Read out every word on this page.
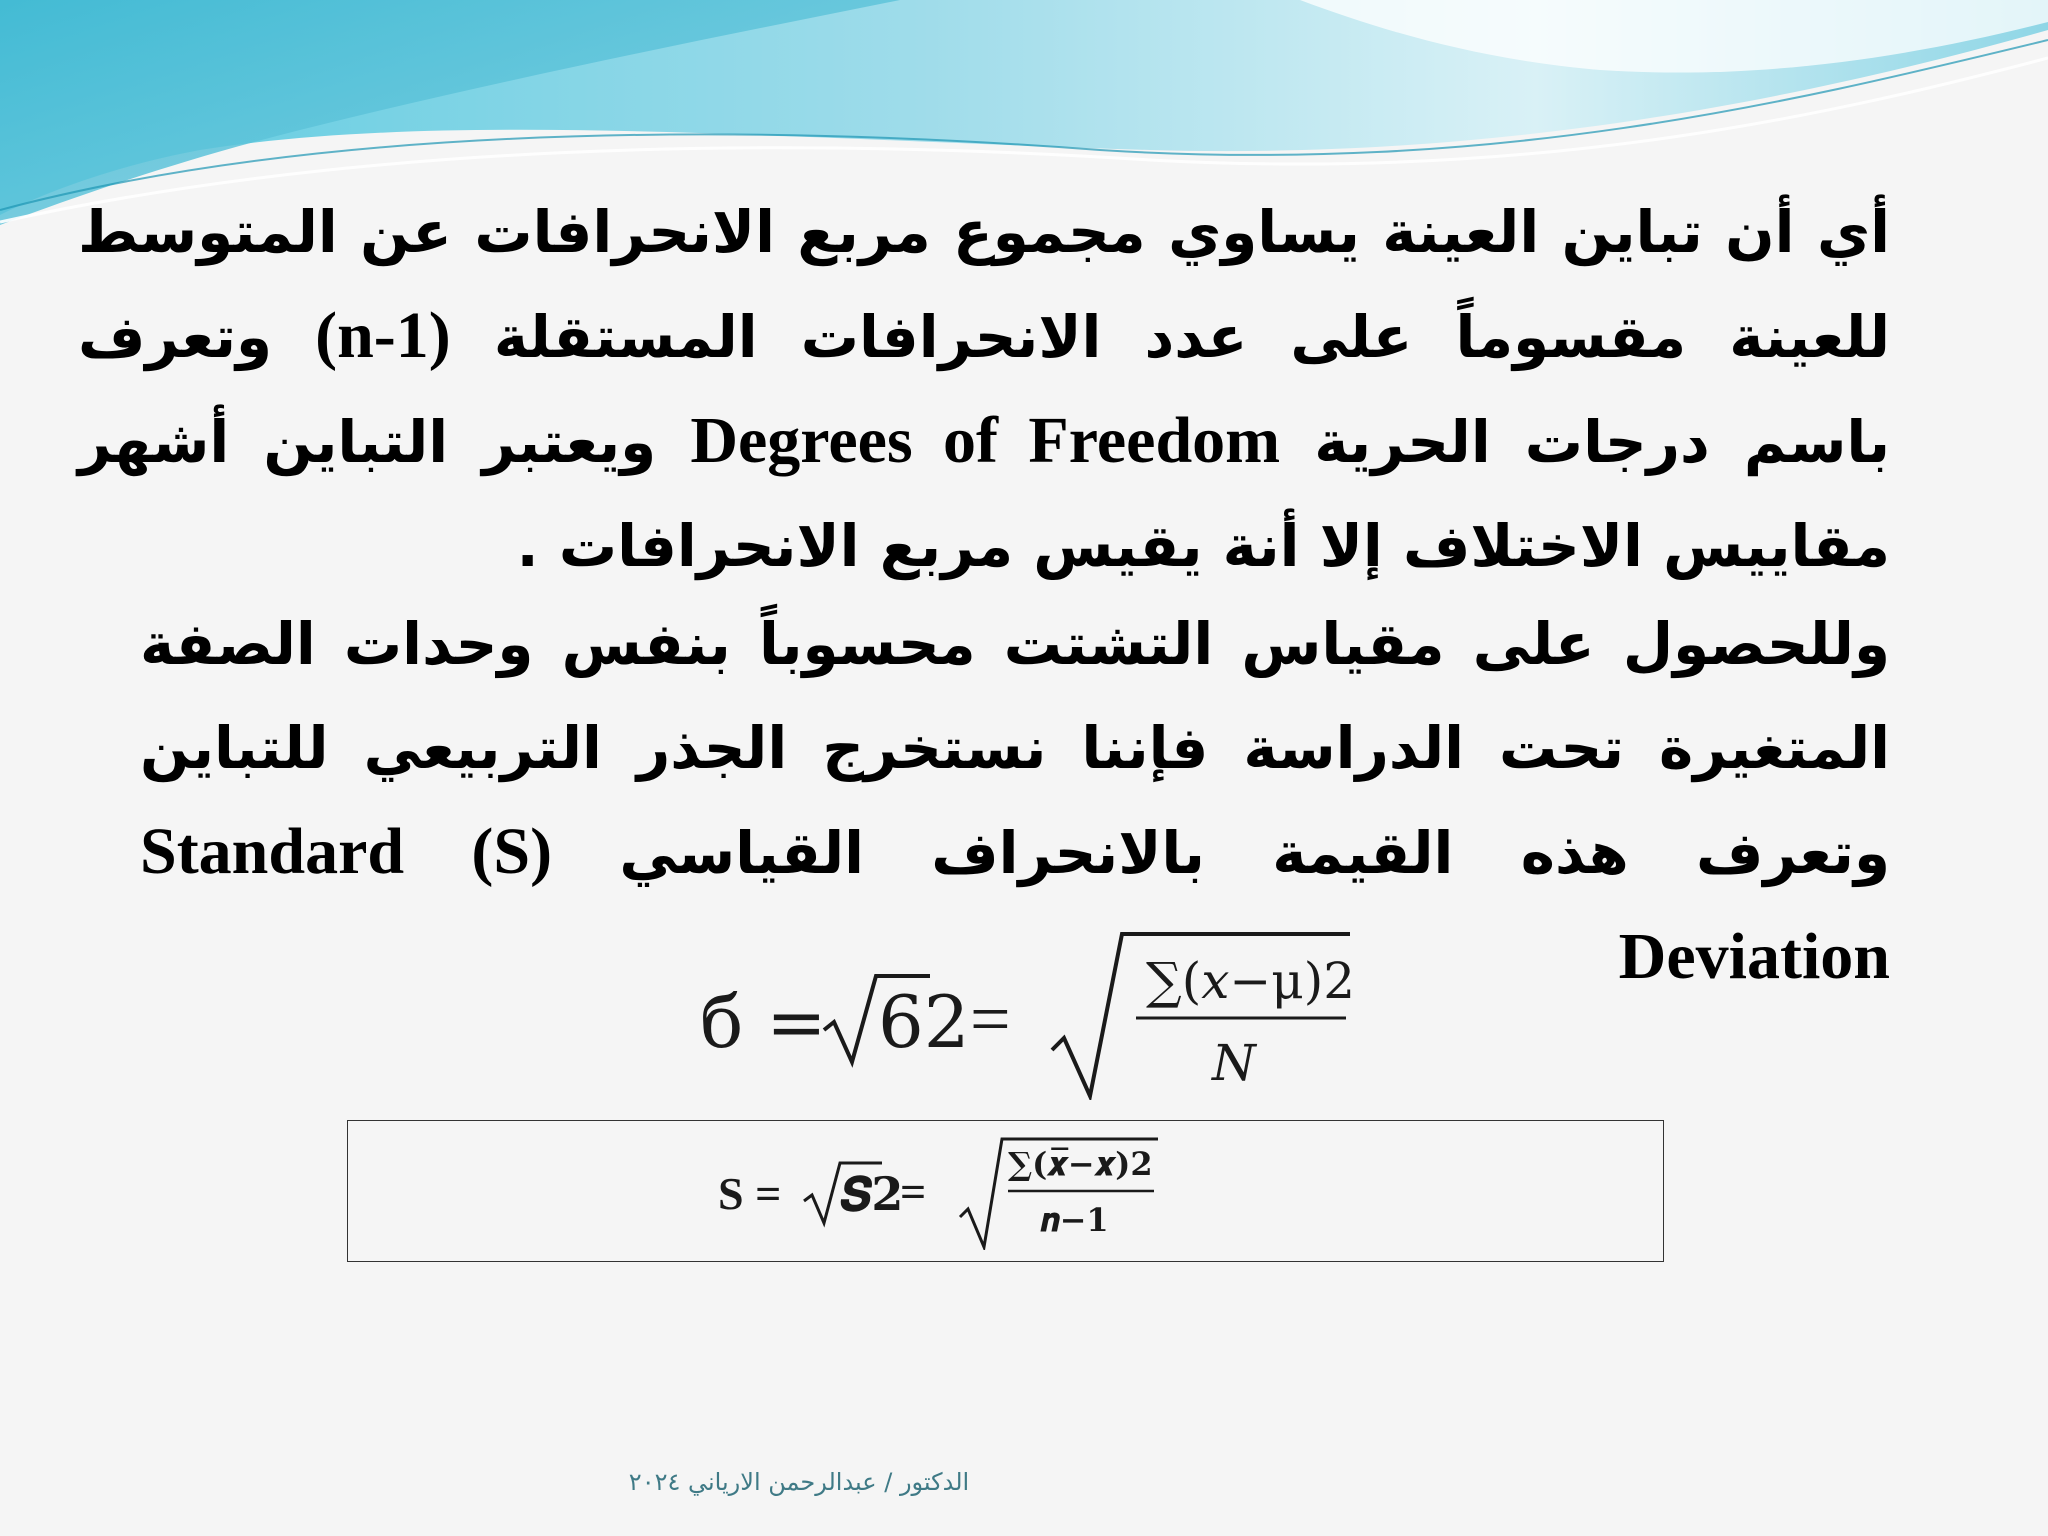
أي أن تباين العينة يساوي مجموع مربع الانحرافات عن المتوسط للعينة مقسوماً على عدد الانحرافات المستقلة (n-1) وتعرف باسم درجات الحرية Degrees of Freedom ويعتبر التباين أشهر مقاييس الاختلاف إلا أنة يقيس مربع الانحرافات .

وللحصول على مقياس التشتت محسوباً بنفس وحدات الصفة المتغيرة تحت الدراسة فإننا نستخرج الجذر التربيعي للتباين وتعرف هذه القيمة بالانحراف القياسي (S) Standard Deviation

б = 62 =	∑(𝑥−μ)2
𝑁
S = 𝑺𝟐
=
∑(𝒙̅−𝒙)𝟐
𝒏−𝟏
الدكتور / عبدالرحمن الارياني ٢٠٢٤
